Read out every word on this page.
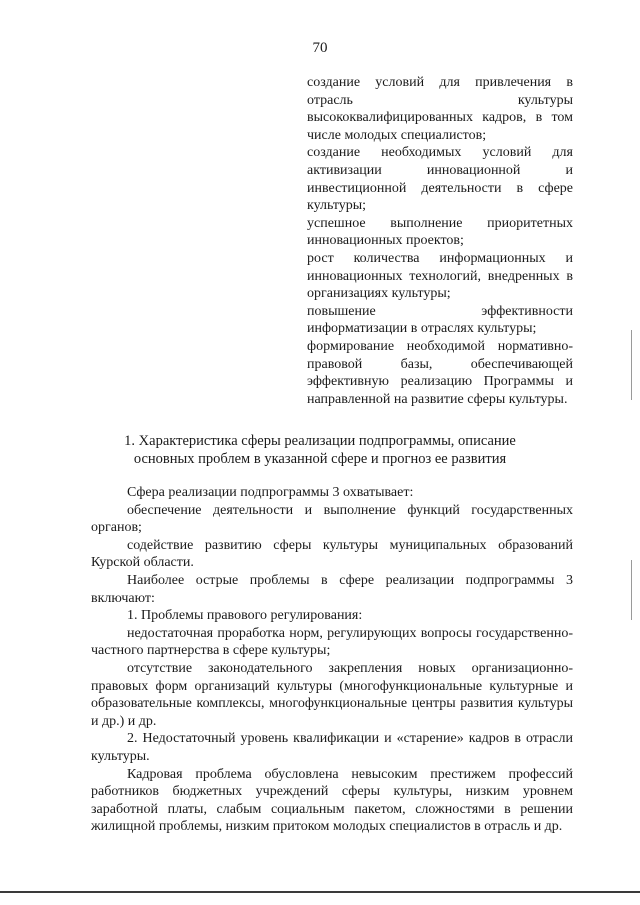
70

создание условий для привлечения в отрасль культуры высококвалифицированных кадров, в том числе молодых специалистов;

создание необходимых условий для активизации инновационной и инвестиционной деятельности в сфере культуры;

успешное выполнение приоритетных инновационных проектов;

рост количества информационных и инновационных технологий, внедренных в организациях культуры;

повышение эффективности информатизации в отраслях культуры;

формирование необходимой нормативно-правовой базы, обеспечивающей эффективную реализацию Программы и направленной на развитие сферы культуры.

1. Характеристика сферы реализации подпрограммы, описание основных проблем в указанной сфере и прогноз ее развития

Сфера реализации подпрограммы 3 охватывает:

обеспечение деятельности и выполнение функций государственных органов;

содействие развитию сферы культуры муниципальных образований Курской области.

Наиболее острые проблемы в сфере реализации подпрограммы 3 включают:

1. Проблемы правового регулирования:

недостаточная проработка норм, регулирующих вопросы государственно-частного партнерства в сфере культуры;

отсутствие законодательного закрепления новых организационно-правовых форм организаций культуры (многофункциональные культурные и образовательные комплексы, многофункциональные центры развития культуры и др.) и др.

2. Недостаточный уровень квалификации и «старение» кадров в отрасли культуры.

Кадровая проблема обусловлена невысоким престижем профессий работников бюджетных учреждений сферы культуры, низким уровнем заработной платы, слабым социальным пакетом, сложностями в решении жилищной проблемы, низким притоком молодых специалистов в отрасль и др.
